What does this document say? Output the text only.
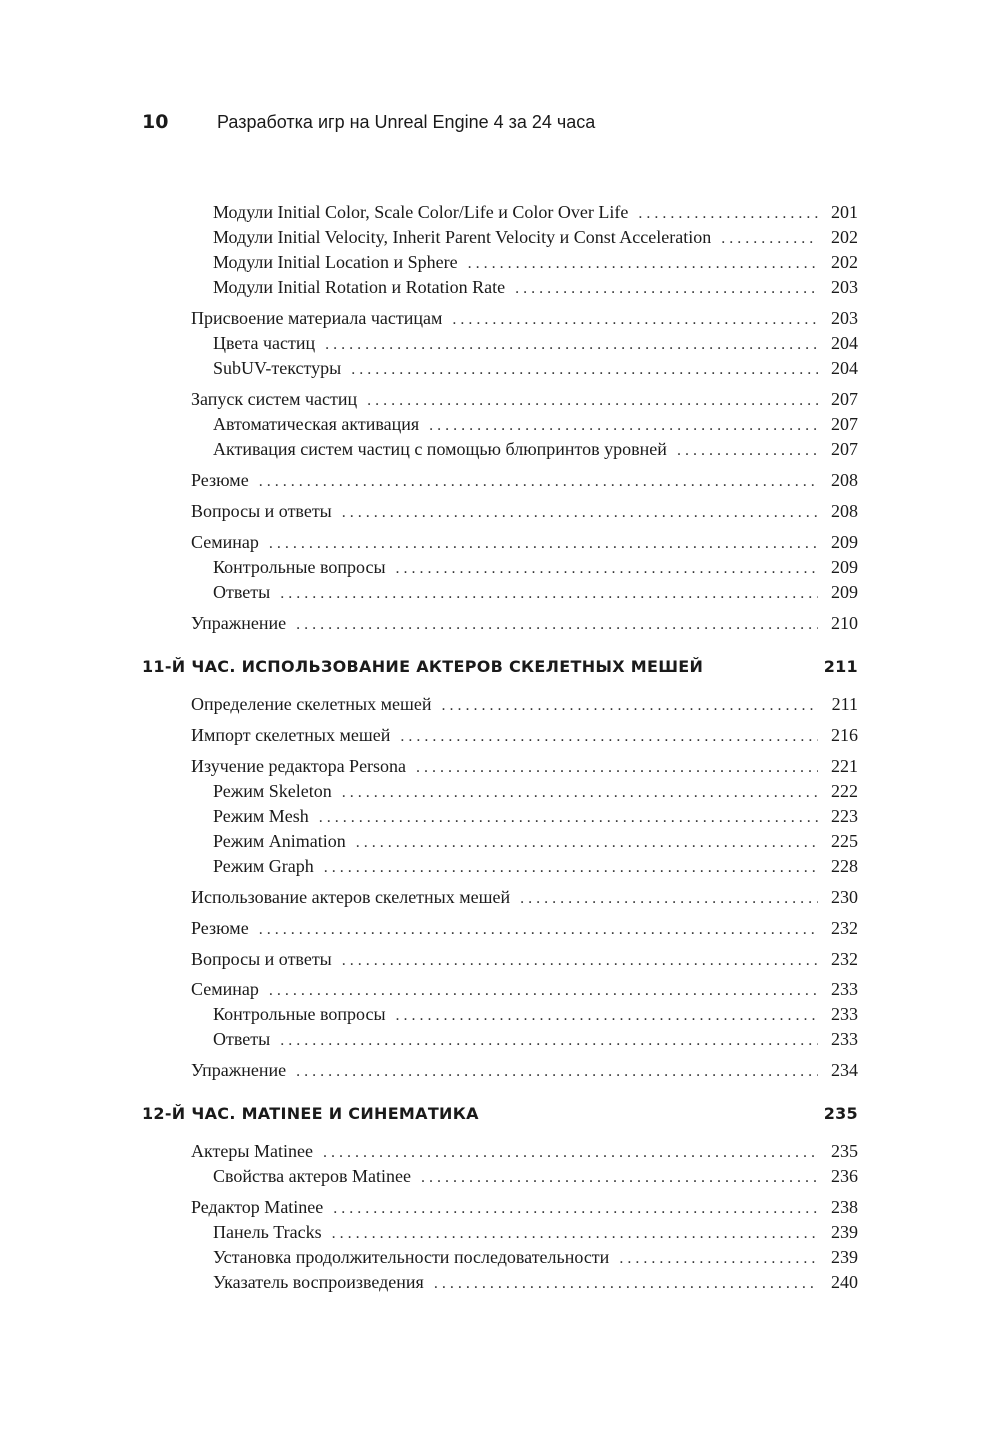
10	Разработка игр на Unreal Engine 4 за 24 часа
Модули Initial Color, Scale Color/Life и Color Over Life . . .	201
Модули Initial Velocity, Inherit Parent Velocity и Const Acceleration . . .	202
Модули Initial Location и Sphere . . .	202
Модули Initial Rotation и Rotation Rate . . .	203
Присвоение материала частицам . . .	203
Цвета частиц . . .	204
SubUV-текстуры . . .	204
Запуск систем частиц . . .	207
Автоматическая активация . . .	207
Активация систем частиц с помощью блюпринтов уровней . . .	207
Резюме . . .	208
Вопросы и ответы . . .	208
Семинар . . .	209
Контрольные вопросы . . .	209
Ответы . . .	209
Упражнение . . .	210
11-Й ЧАС. ИСПОЛЬЗОВАНИЕ АКТЕРОВ СКЕЛЕТНЫХ МЕШЕЙ	211
Определение скелетных мешей . . .	211
Импорт скелетных мешей . . .	216
Изучение редактора Persona . . .	221
Режим Skeleton . . .	222
Режим Mesh . . .	223
Режим Animation . . .	225
Режим Graph . . .	228
Использование актеров скелетных мешей . . .	230
Резюме . . .	232
Вопросы и ответы . . .	232
Семинар . . .	233
Контрольные вопросы . . .	233
Ответы . . .	233
Упражнение . . .	234
12-Й ЧАС. MATINEE И СИНЕМАТИКА	235
Актеры Matinee . . .	235
Свойства актеров Matinee . . .	236
Редактор Matinee . . .	238
Панель Tracks . . .	239
Установка продолжительности последовательности . . .	239
Указатель воспроизведения . . .	240
